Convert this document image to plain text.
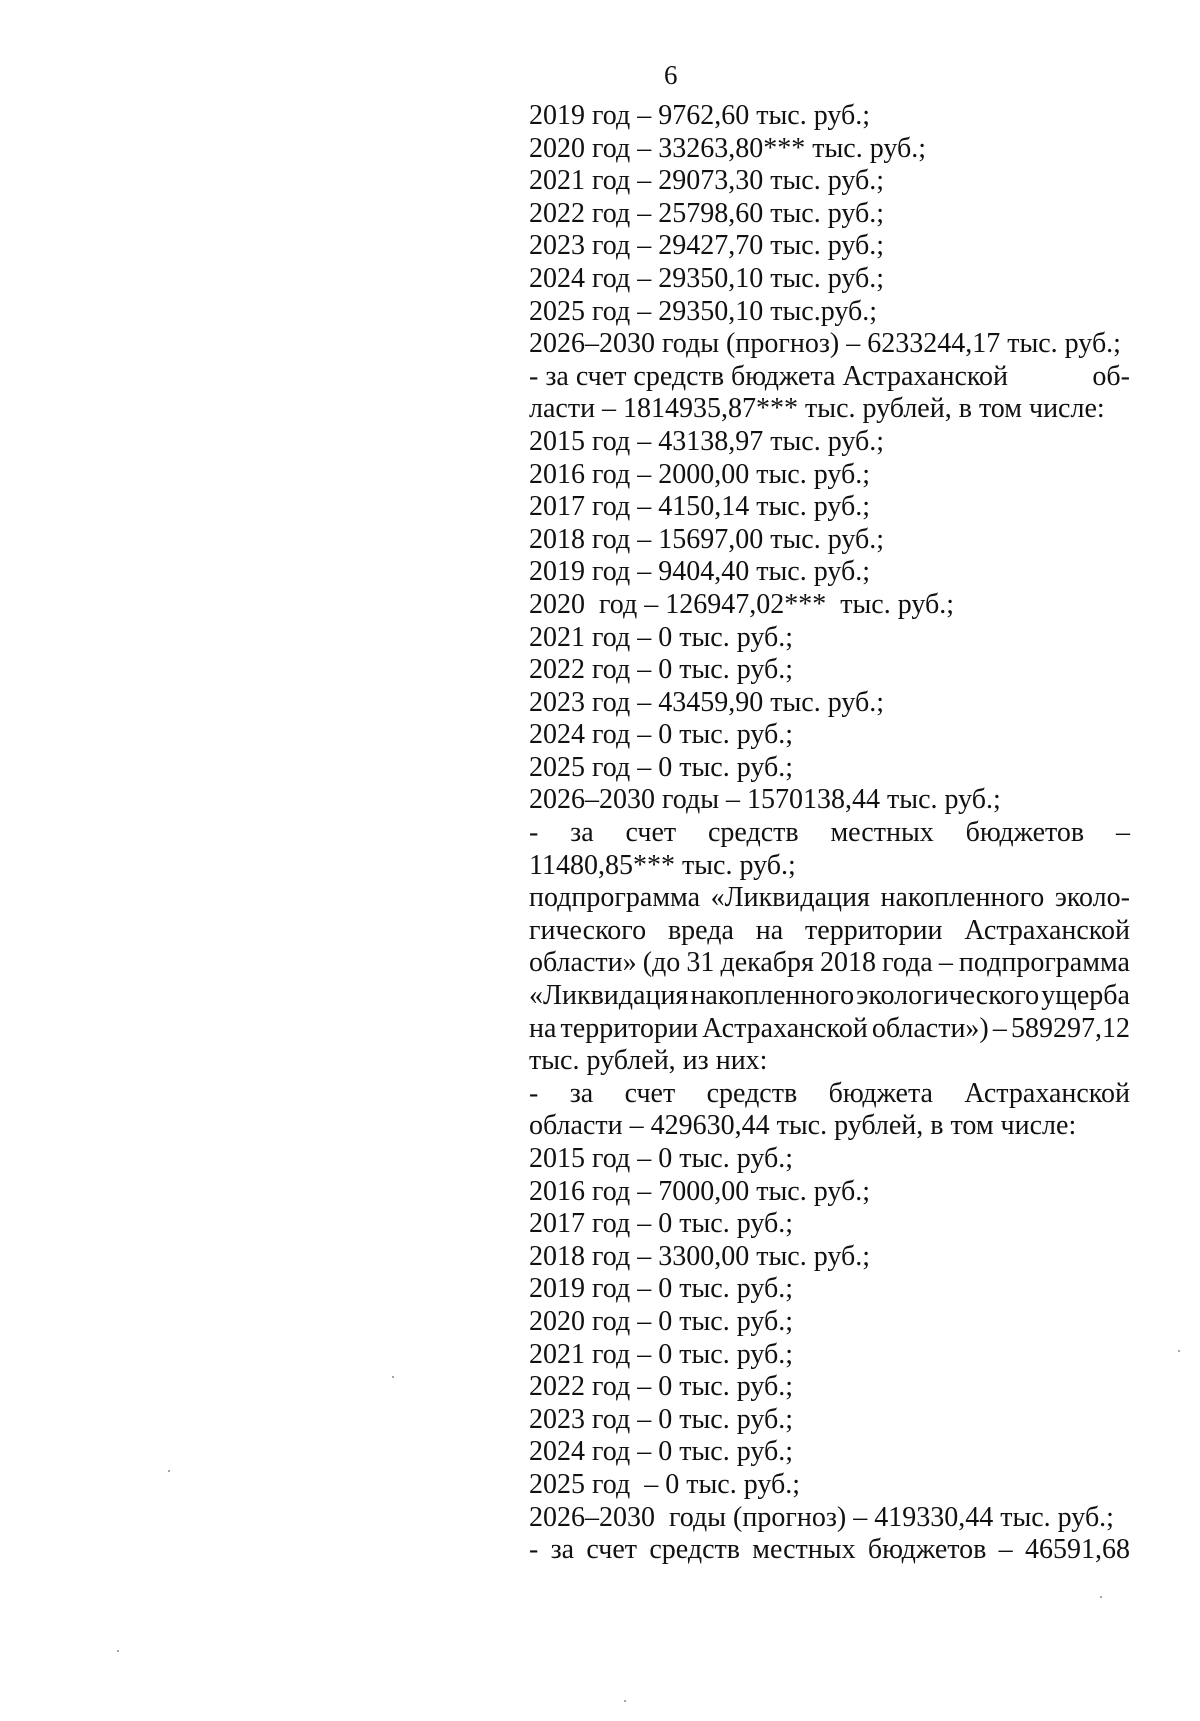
6
2019 год – 9762,60 тыс. руб.;
2020 год – 33263,80*** тыс. руб.;
2021 год – 29073,30 тыс. руб.;
2022 год – 25798,60 тыс. руб.;
2023 год – 29427,70 тыс. руб.;
2024 год – 29350,10 тыс. руб.;
2025 год – 29350,10 тыс.руб.;
2026–2030 годы (прогноз) – 6233244,17 тыс. руб.;
- за счет средств бюджета Астраханской	об-
ласти – 1814935,87*** тыс. рублей, в том числе:
2015 год – 43138,97 тыс. руб.;
2016 год – 2000,00 тыс. руб.;
2017 год – 4150,14 тыс. руб.;
2018 год – 15697,00 тыс. руб.;
2019 год – 9404,40 тыс. руб.;
2020  год – 126947,02***  тыс. руб.;
2021 год – 0 тыс. руб.;
2022 год – 0 тыс. руб.;
2023 год – 43459,90 тыс. руб.;
2024 год – 0 тыс. руб.;
2025 год – 0 тыс. руб.;
2026–2030 годы – 1570138,44 тыс. руб.;
- за счет средств местных бюджетов –
11480,85*** тыс. руб.;
подпрограмма «Ликвидация накопленного эколо-
гического вреда на территории Астраханской
области» (до 31 декабря 2018 года – подпрограмма
«Ликвидация накопленного экологического ущерба
на территории Астраханской области») – 589297,12
тыс. рублей, из них:
- за счет средств бюджета Астраханской
области – 429630,44 тыс. рублей, в том числе:
2015 год – 0 тыс. руб.;
2016 год – 7000,00 тыс. руб.;
2017 год – 0 тыс. руб.;
2018 год – 3300,00 тыс. руб.;
2019 год – 0 тыс. руб.;
2020 год – 0 тыс. руб.;
2021 год – 0 тыс. руб.;
2022 год – 0 тыс. руб.;
2023 год – 0 тыс. руб.;
2024 год – 0 тыс. руб.;
2025 год  – 0 тыс. руб.;
2026–2030  годы (прогноз) – 419330,44 тыс. руб.;
- за счет средств местных бюджетов – 46591,68
